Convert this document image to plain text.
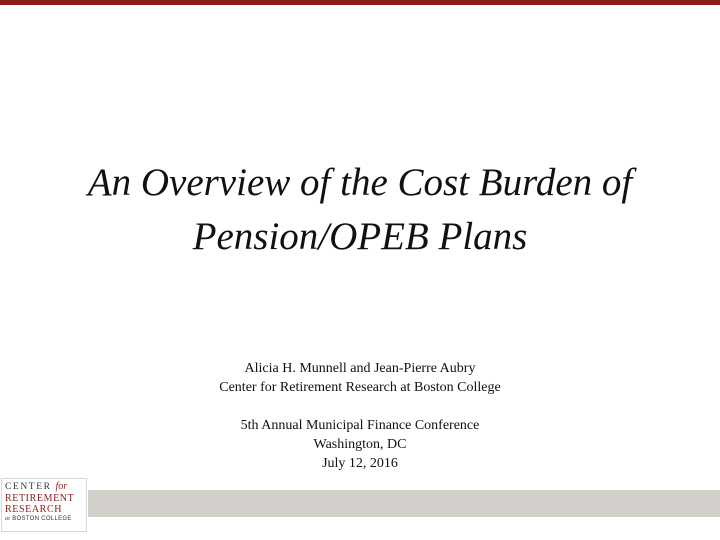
An Overview of the Cost Burden of
Pension/OPEB Plans
Alicia H. Munnell and Jean-Pierre Aubry
Center for Retirement Research at Boston College
5th Annual Municipal Finance Conference
Washington, DC
July 12, 2016
CENTER for
RETIREMENT
RESEARCH
at BOSTON COLLEGE
